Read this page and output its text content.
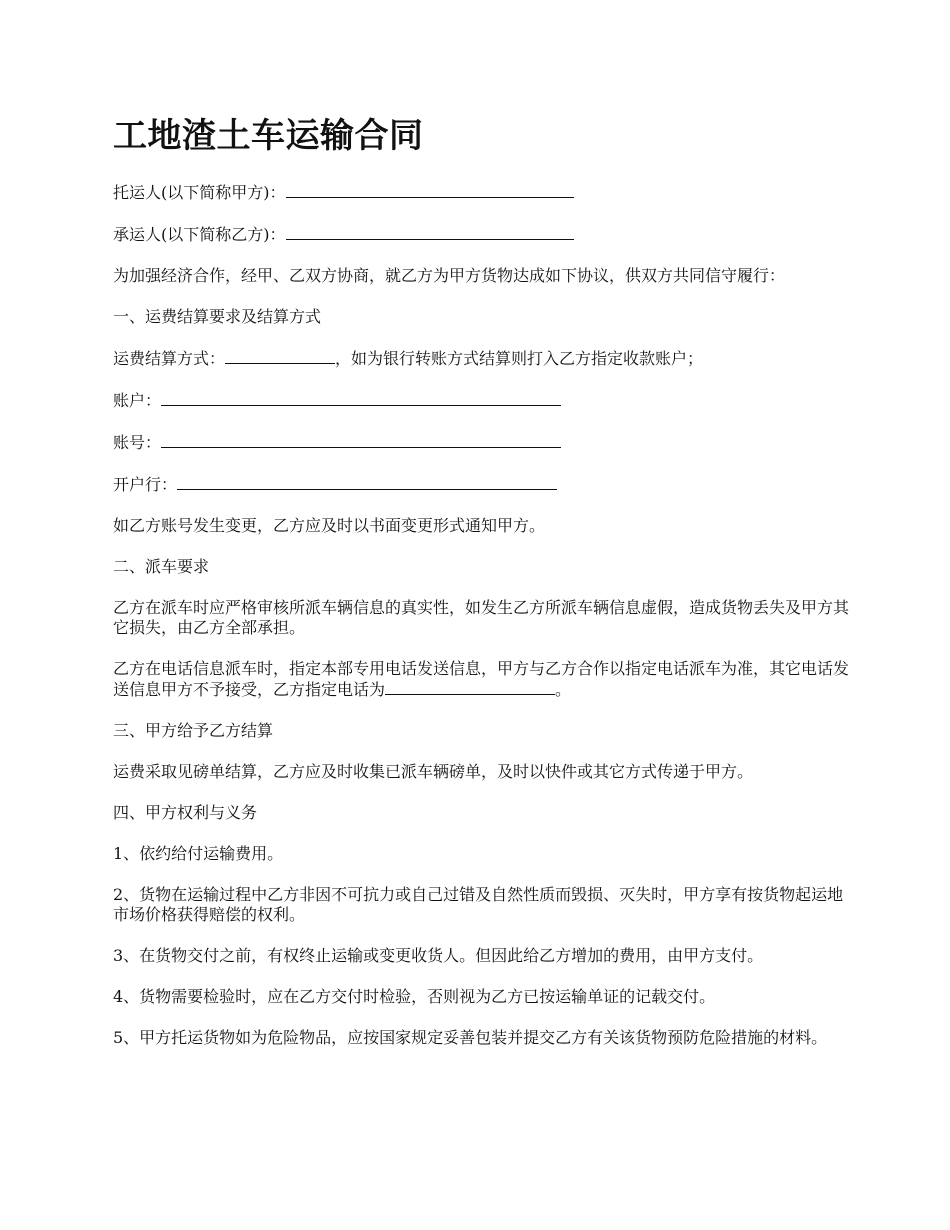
工地渣土车运输合同
托运人(以下简称甲方)：
承运人(以下简称乙方)：
为加强经济合作，经甲、乙双方协商，就乙方为甲方货物达成如下协议，供双方共同信守履行：
一、运费结算要求及结算方式
运费结算方式：	，如为银行转账方式结算则打入乙方指定收款账户；
账户：
账号：
开户行：
如乙方账号发生变更，乙方应及时以书面变更形式通知甲方。
二、派车要求
乙方在派车时应严格审核所派车辆信息的真实性，如发生乙方所派车辆信息虚假，造成货物丢失及甲方其它损失，由乙方全部承担。
乙方在电话信息派车时，指定本部专用电话发送信息，甲方与乙方合作以指定电话派车为准，其它电话发送信息甲方不予接受，乙方指定电话为	。
三、甲方给予乙方结算
运费采取见磅单结算，乙方应及时收集已派车辆磅单，及时以快件或其它方式传递于甲方。
四、甲方权利与义务
1、依约给付运输费用。
2、货物在运输过程中乙方非因不可抗力或自己过错及自然性质而毁损、灭失时，甲方享有按货物起运地市场价格获得赔偿的权利。
3、在货物交付之前，有权终止运输或变更收货人。但因此给乙方增加的费用，由甲方支付。
4、货物需要检验时，应在乙方交付时检验，否则视为乙方已按运输单证的记载交付。
5、甲方托运货物如为危险物品，应按国家规定妥善包装并提交乙方有关该货物预防危险措施的材料。
